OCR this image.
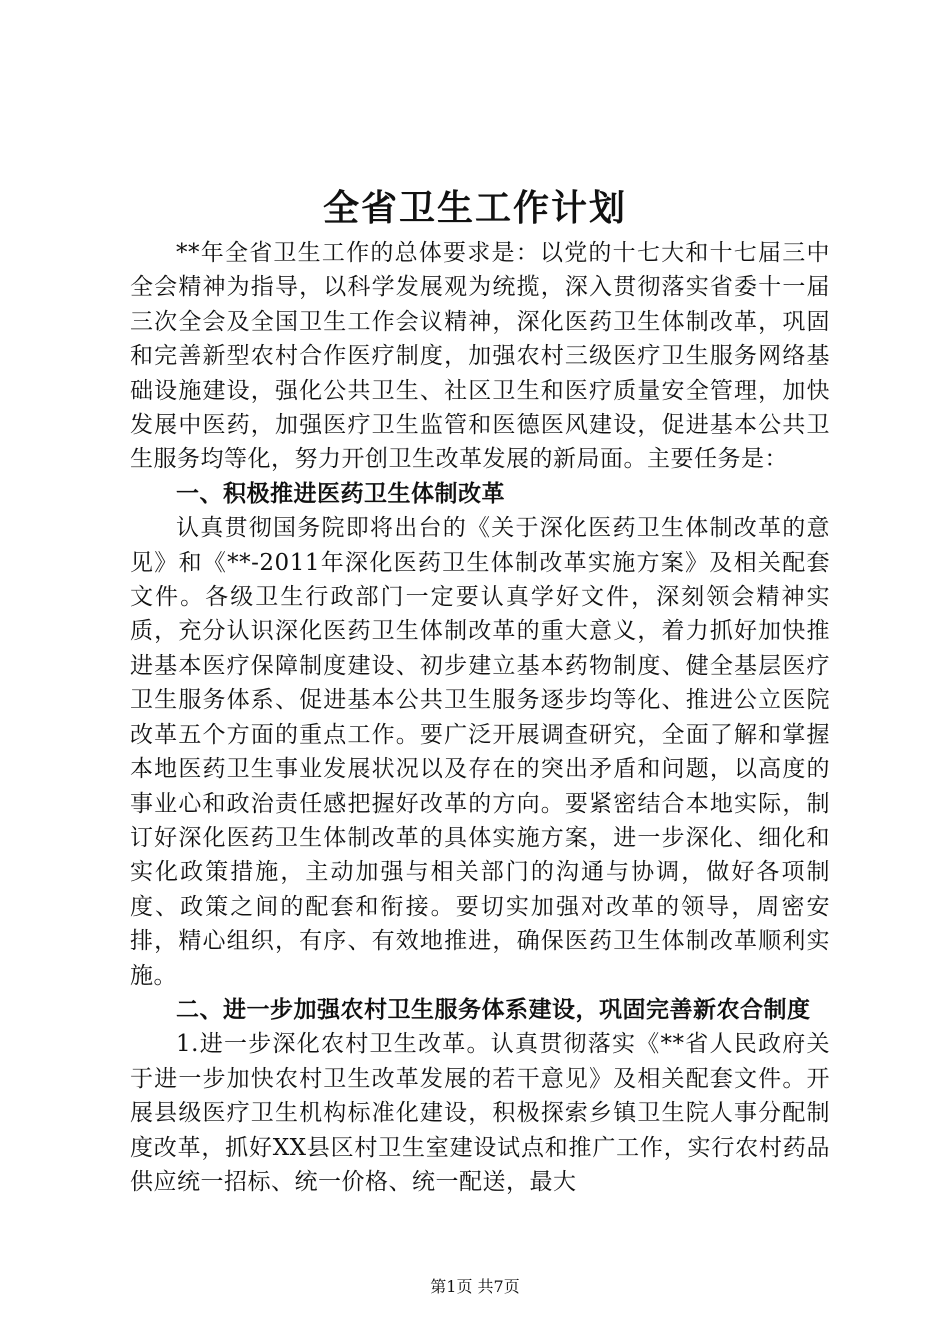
全省卫生工作计划

**年全省卫生工作的总体要求是：以党的十七大和十七届三中全会精神为指导，以科学发展观为统揽，深入贯彻落实省委十一届三次全会及全国卫生工作会议精神，深化医药卫生体制改革，巩固和完善新型农村合作医疗制度，加强农村三级医疗卫生服务网络基础设施建设，强化公共卫生、社区卫生和医疗质量安全管理，加快发展中医药，加强医疗卫生监管和医德医风建设，促进基本公共卫生服务均等化，努力开创卫生改革发展的新局面。主要任务是：

一、积极推进医药卫生体制改革

认真贯彻国务院即将出台的《关于深化医药卫生体制改革的意见》和《**-2011年深化医药卫生体制改革实施方案》及相关配套文件。各级卫生行政部门一定要认真学好文件，深刻领会精神实质，充分认识深化医药卫生体制改革的重大意义，着力抓好加快推进基本医疗保障制度建设、初步建立基本药物制度、健全基层医疗卫生服务体系、促进基本公共卫生服务逐步均等化、推进公立医院改革五个方面的重点工作。要广泛开展调查研究，全面了解和掌握本地医药卫生事业发展状况以及存在的突出矛盾和问题，以高度的事业心和政治责任感把握好改革的方向。要紧密结合本地实际，制订好深化医药卫生体制改革的具体实施方案，进一步深化、细化和实化政策措施，主动加强与相关部门的沟通与协调，做好各项制度、政策之间的配套和衔接。要切实加强对改革的领导，周密安排，精心组织，有序、有效地推进，确保医药卫生体制改革顺利实施。

二、进一步加强农村卫生服务体系建设，巩固完善新农合制度

1.进一步深化农村卫生改革。认真贯彻落实《**省人民政府关于进一步加快农村卫生改革发展的若干意见》及相关配套文件。开展县级医疗卫生机构标准化建设，积极探索乡镇卫生院人事分配制度改革，抓好XX县区村卫生室建设试点和推广工作，实行农村药品供应统一招标、统一价格、统一配送，最大

第1页 共7页
